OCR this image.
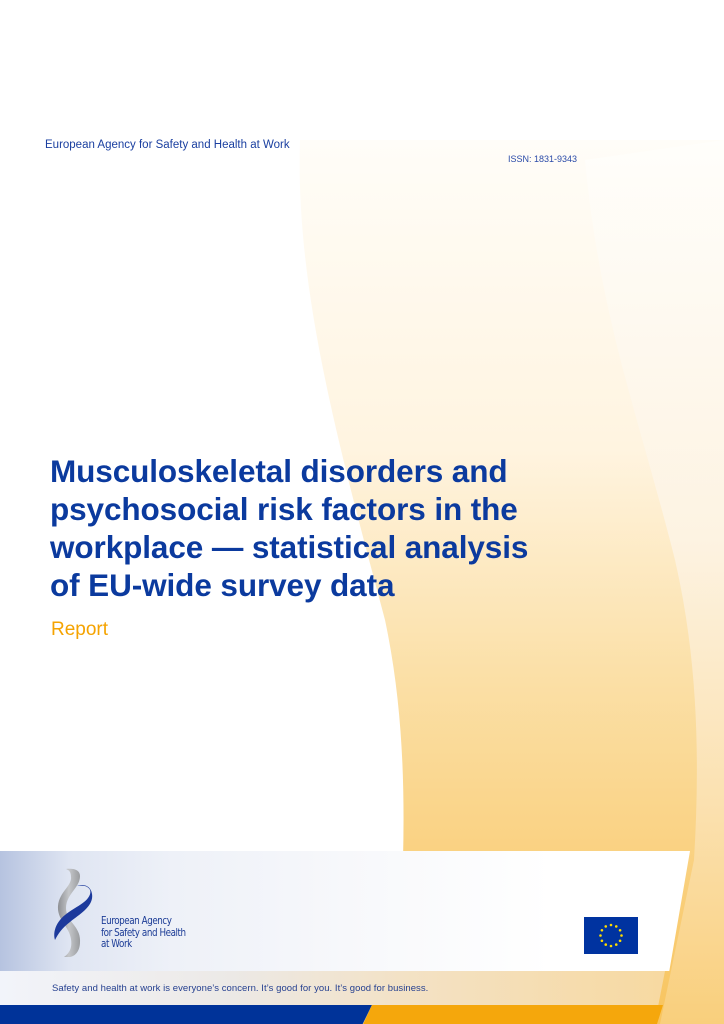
European Agency for Safety and Health at Work
ISSN: 1831-9343
Musculoskeletal disorders and
psychosocial risk factors in the
workplace — statistical analysis
of EU-wide survey data
Report
Safety and health at work is everyone’s concern. It’s good for you. It’s good for business.
European Agency
for Safety and Health
at Work
